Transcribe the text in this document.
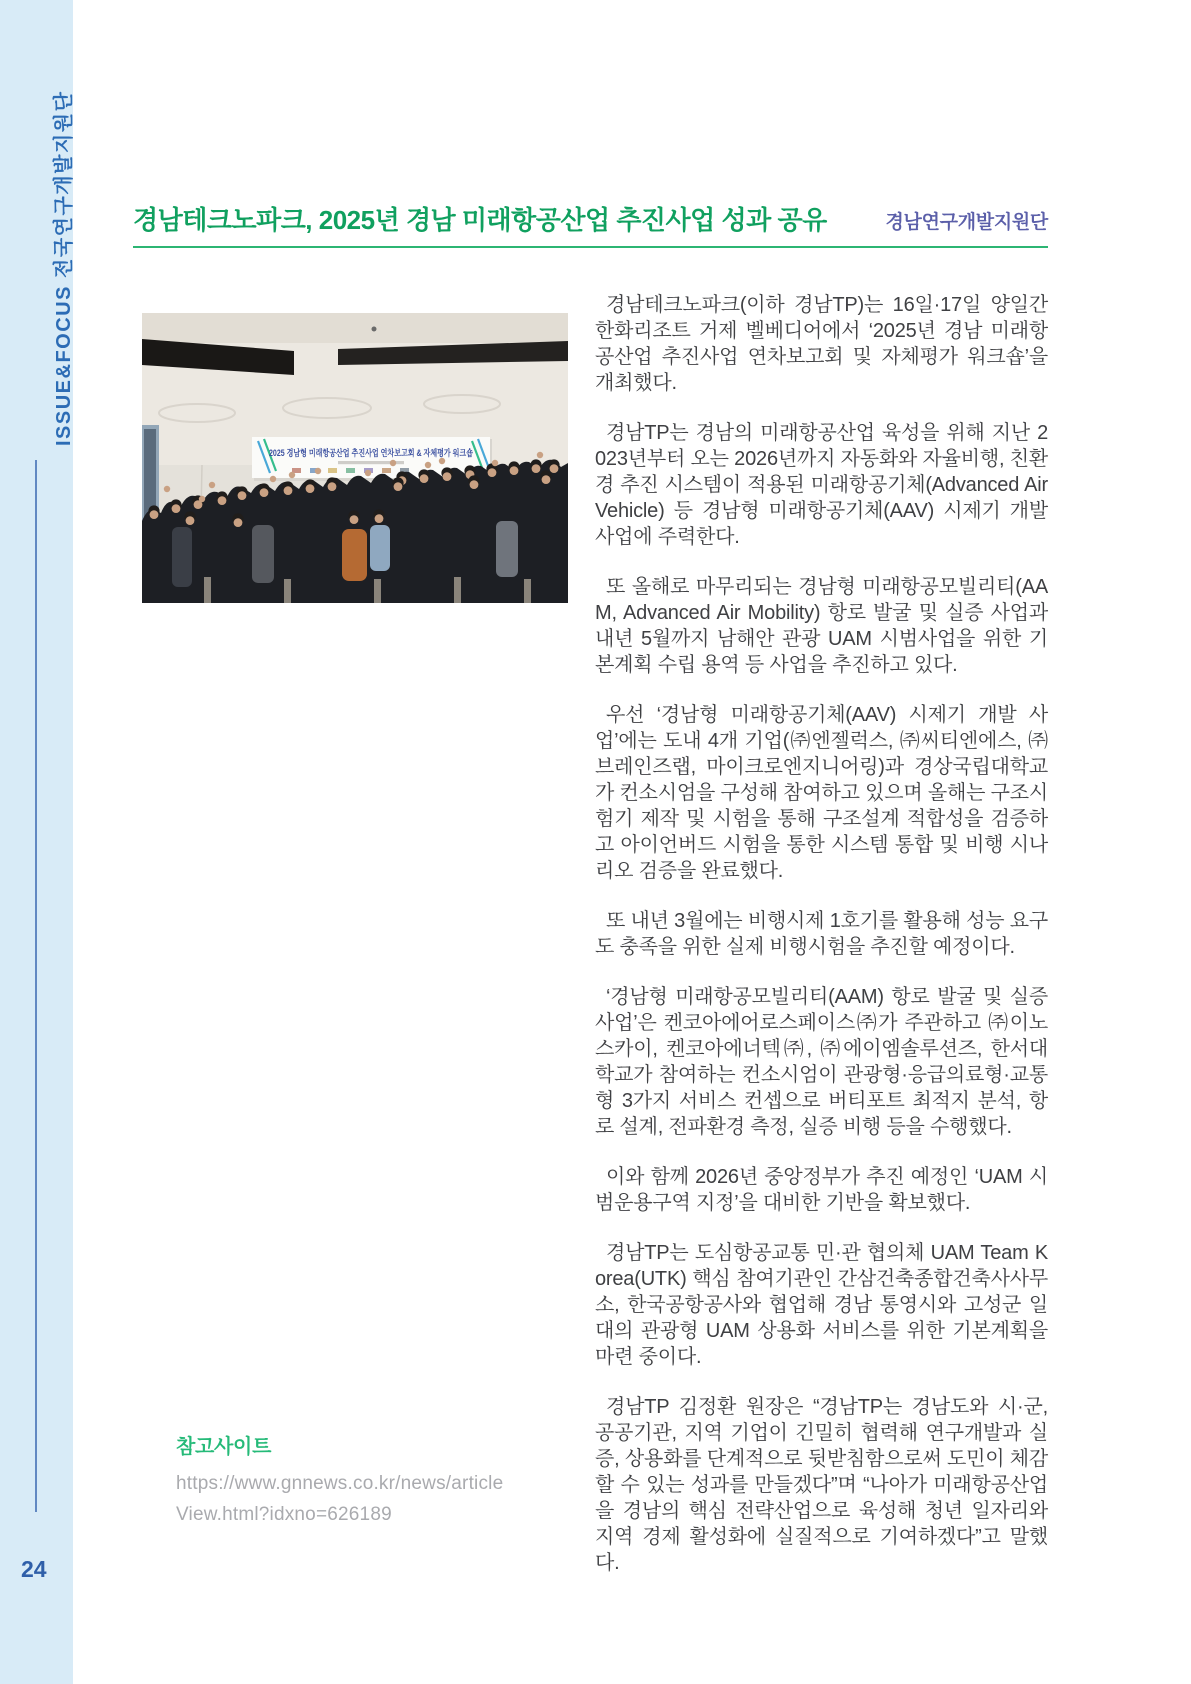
ISSUE&FOCUS 전국연구개발지원단
24
경남테크노파크, 2025년 경남 미래항공산업 추진사업 성과 공유	경남연구개발지원단
2025 경남형 미래항공산업 추진사업 연차보고회 & 자체평가 워크숍

경남테크노파크(이하 경남TP)는 16일·17일 양일간 한화리조트 거제 벨베디어에서 ‘2025년 경남 미래항공산업 추진사업 연차보고회 및 자체평가 워크숍’을 개최했다.

경남TP는 경남의 미래항공산업 육성을 위해 지난 2023년부터 오는 2026년까지 자동화와 자율비행, 친환경 추진 시스템이 적용된 미래항공기체(Advanced Air Vehicle) 등 경남형 미래항공기체(AAV) 시제기 개발 사업에 주력한다.

또 올해로 마무리되는 경남형 미래항공모빌리티(AAM, Advanced Air Mobility) 항로 발굴 및 실증 사업과 내년 5월까지 남해안 관광 UAM 시범사업을 위한 기본계획 수립 용역 등 사업을 추진하고 있다.

우선 ‘경남형 미래항공기체(AAV) 시제기 개발 사업’에는 도내 4개 기업(㈜엔젤럭스, ㈜씨티엔에스, ㈜브레인즈랩, 마이크로엔지니어링)과 경상국립대학교가 컨소시엄을 구성해 참여하고 있으며 올해는 구조시험기 제작 및 시험을 통해 구조설계 적합성을 검증하고 아이언버드 시험을 통한 시스템 통합 및 비행 시나리오 검증을 완료했다.

또 내년 3월에는 비행시제 1호기를 활용해 성능 요구도 충족을 위한 실제 비행시험을 추진할 예정이다.

‘경남형 미래항공모빌리티(AAM) 항로 발굴 및 실증 사업’은 켄코아에어로스페이스㈜가 주관하고 ㈜이노스카이, 켄코아에너텍㈜, ㈜에이엠솔루션즈, 한서대학교가 참여하는 컨소시엄이 관광형·응급의료형·교통형 3가지 서비스 컨셉으로 버티포트 최적지 분석, 항로 설계, 전파환경 측정, 실증 비행 등을 수행했다.

이와 함께 2026년 중앙정부가 추진 예정인 ‘UAM 시범운용구역 지정’을 대비한 기반을 확보했다.

경남TP는 도심항공교통 민·관 협의체 UAM Team Korea(UTK) 핵심 참여기관인 간삼건축종합건축사사무소, 한국공항공사와 협업해 경남 통영시와 고성군 일대의 관광형 UAM 상용화 서비스를 위한 기본계획을 마련 중이다.

경남TP 김정환 원장은 “경남TP는 경남도와 시·군, 공공기관, 지역 기업이 긴밀히 협력해 연구개발과 실증, 상용화를 단계적으로 뒷받침함으로써 도민이 체감할 수 있는 성과를 만들겠다”며 “나아가 미래항공산업을 경남의 핵심 전략산업으로 육성해 청년 일자리와 지역 경제 활성화에 실질적으로 기여하겠다”고 말했다.

참고사이트
https://www.gnnews.co.kr/news/article
View.html?idxno=626189
